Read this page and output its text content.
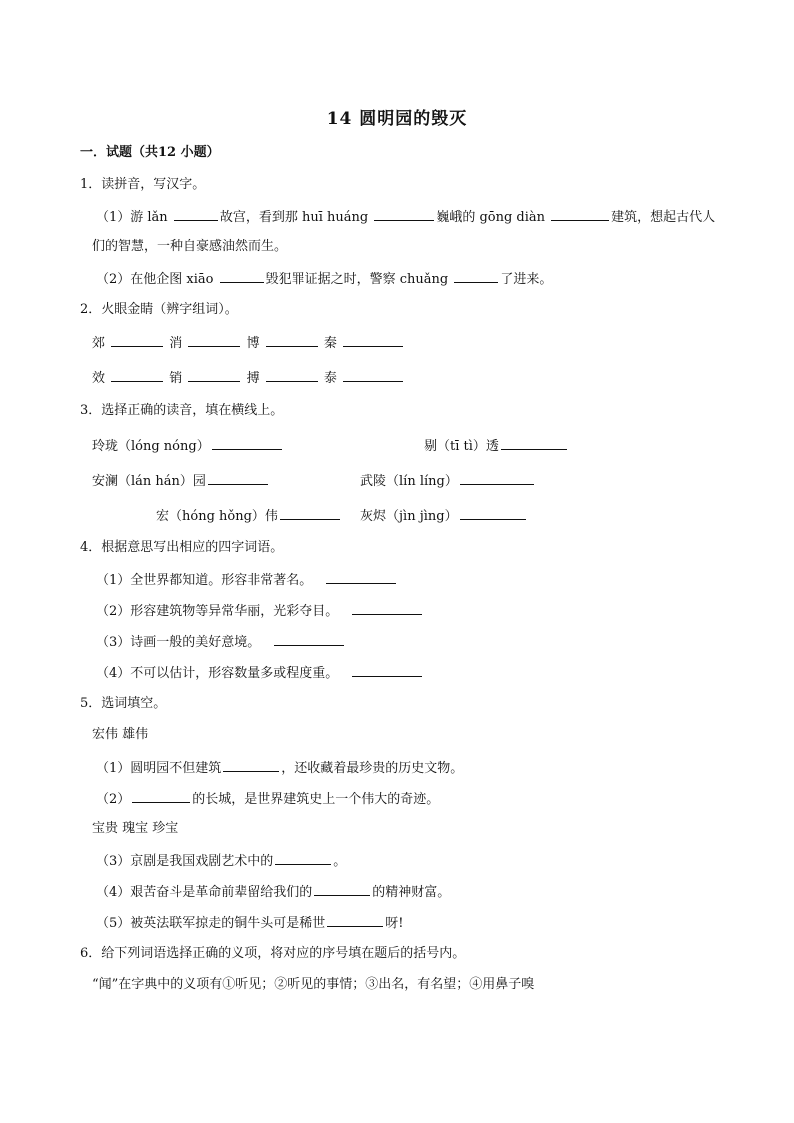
14 圆明园的毁灭
一．试题（共12 小题）
1．读拼音，写汉字。
（1）游 lǎn	故宫，看到那 huī huáng	巍峨的 gōng diàn	建筑，想起古代人
们的智慧，一种自豪感油然而生。
（2）在他企图 xiāo	毁犯罪证据之时，警察 chuǎng	了进来。
2．火眼金睛（辨字组词）。
郊	消	博	秦
效	销	搏	泰
3．选择正确的读音，填在横线上。
玲珑（lóng nóng）	剔（tī tì）透
安澜（lán hán）园	武陵（lín líng）
宏（hóng hǒng）伟	灰烬（jìn jìng）
4．根据意思写出相应的四字词语。
（1）全世界都知道。形容非常著名。
（2）形容建筑物等异常华丽，光彩夺目。
（3）诗画一般的美好意境。
（4）不可以估计，形容数量多或程度重。
5．选词填空。
宏伟 雄伟
（1）圆明园不但建筑	，还收藏着最珍贵的历史文物。
（2）	的长城，是世界建筑史上一个伟大的奇迹。
宝贵 瑰宝 珍宝
（3）京剧是我国戏剧艺术中的	。
（4）艰苦奋斗是革命前辈留给我们的	的精神财富。
（5）被英法联军掠走的铜牛头可是稀世	呀!
6．给下列词语选择正确的义项，将对应的序号填在题后的括号内。
“闻”在字典中的义项有①听见；②听见的事情；③出名，有名望；④用鼻子嗅
